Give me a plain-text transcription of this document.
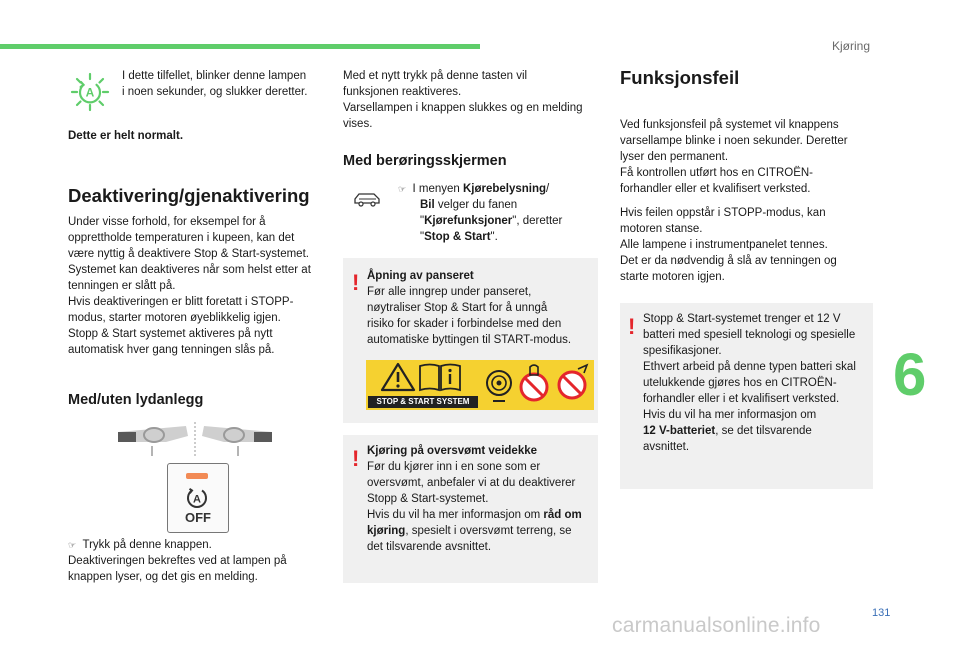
Kjøring
A
I dette tilfellet, blinker denne lampen
i noen sekunder, og slukker deretter.
Dette er helt normalt.
Deaktivering/gjenaktivering
Under visse forhold, for eksempel for å
opprettholde temperaturen i kupeen, kan det
være nyttig å deaktivere Stop & Start-systemet.
Systemet kan deaktiveres når som helst etter at
tenningen er slått på.
Hvis deaktiveringen er blitt foretatt i STOPP-
modus, starter motoren øyeblikkelig igjen.
Stopp & Start systemet aktiveres på nytt
automatisk hver gang tenningen slås på.
Med/uten lydanlegg
A
OFF
☞ Trykk på denne knappen.
Deaktiveringen bekreftes ved at lampen på
knappen lyser, og det gis en melding.
Med et nytt trykk på denne tasten vil
funksjonen reaktiveres.
Varsellampen i knappen slukkes og en melding
vises.
Med berøringsskjermen
☞ I menyen Kjørebelysning/
Bil velger du fanen
"Kjørefunksjoner", deretter
"Stop & Start".
! Åpning av panseret
Før alle inngrep under panseret,
nøytraliser Stop & Start for å unngå
risiko for skader i forbindelse med den
automatiske byttingen til START-modus.
STOP & START SYSTEM
! Kjøring på oversvømt veidekke
Før du kjører inn i en sone som er
oversvømt, anbefaler vi at du deaktiverer
Stopp & Start-systemet.
Hvis du vil ha mer informasjon om råd om
kjøring, spesielt i oversvømt terreng, se
det tilsvarende avsnittet.
Funksjonsfeil
Ved funksjonsfeil på systemet vil knappens
varsellampe blinke i noen sekunder. Deretter
lyser den permanent.
Få kontrollen utført hos en CITROËN-
forhandler eller et kvalifisert verksted.
Hvis feilen oppstår i STOPP-modus, kan
motoren stanse.
Alle lampene i instrumentpanelet tennes.
Det er da nødvendig å slå av tenningen og
starte motoren igjen.
! Stopp & Start-systemet trenger et 12 V
batteri med spesiell teknologi og spesielle
spesifikasjoner.
Ethvert arbeid på denne typen batteri skal
utelukkende gjøres hos en CITROËN-
forhandler eller i et kvalifisert verksted.
Hvis du vil ha mer informasjon om
12 V-batteriet, se det tilsvarende
avsnittet.
6
131
carmanualsonline.info
